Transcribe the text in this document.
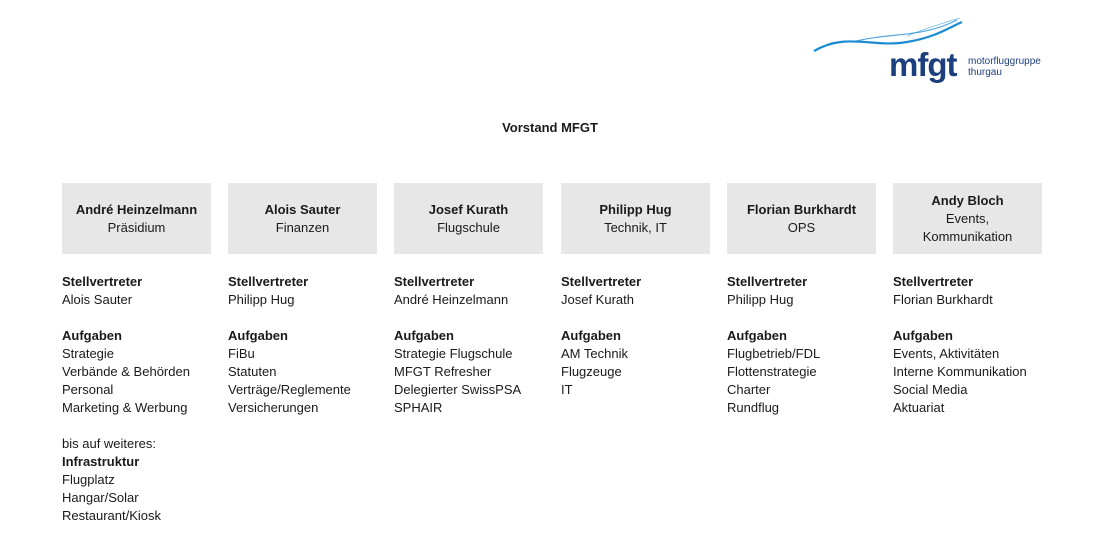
mfgt motorfluggruppe
thurgau
Vorstand MFGT
André Heinzelmann
Präsidium
Stellvertreter
Alois Sauter
Aufgaben
Strategie
Verbände & Behörden
Personal
Marketing & Werbung
bis auf weiteres:
Infrastruktur
Flugplatz
Hangar/Solar
Restaurant/Kiosk
Alois Sauter
Finanzen
Stellvertreter
Philipp Hug
Aufgaben
FiBu
Statuten
Verträge/Reglemente
Versicherungen
Josef Kurath
Flugschule
Stellvertreter
André Heinzelmann
Aufgaben
Strategie Flugschule
MFGT Refresher
Delegierter SwissPSA
SPHAIR
Philipp Hug
Technik, IT
Stellvertreter
Josef Kurath
Aufgaben
AM Technik
Flugzeuge
IT
Florian Burkhardt
OPS
Stellvertreter
Philipp Hug
Aufgaben
Flugbetrieb/FDL
Flottenstrategie
Charter
Rundflug
Andy Bloch
Events,
Kommunikation
Stellvertreter
Florian Burkhardt
Aufgaben
Events, Aktivitäten
Interne Kommunikation
Social Media
Aktuariat
